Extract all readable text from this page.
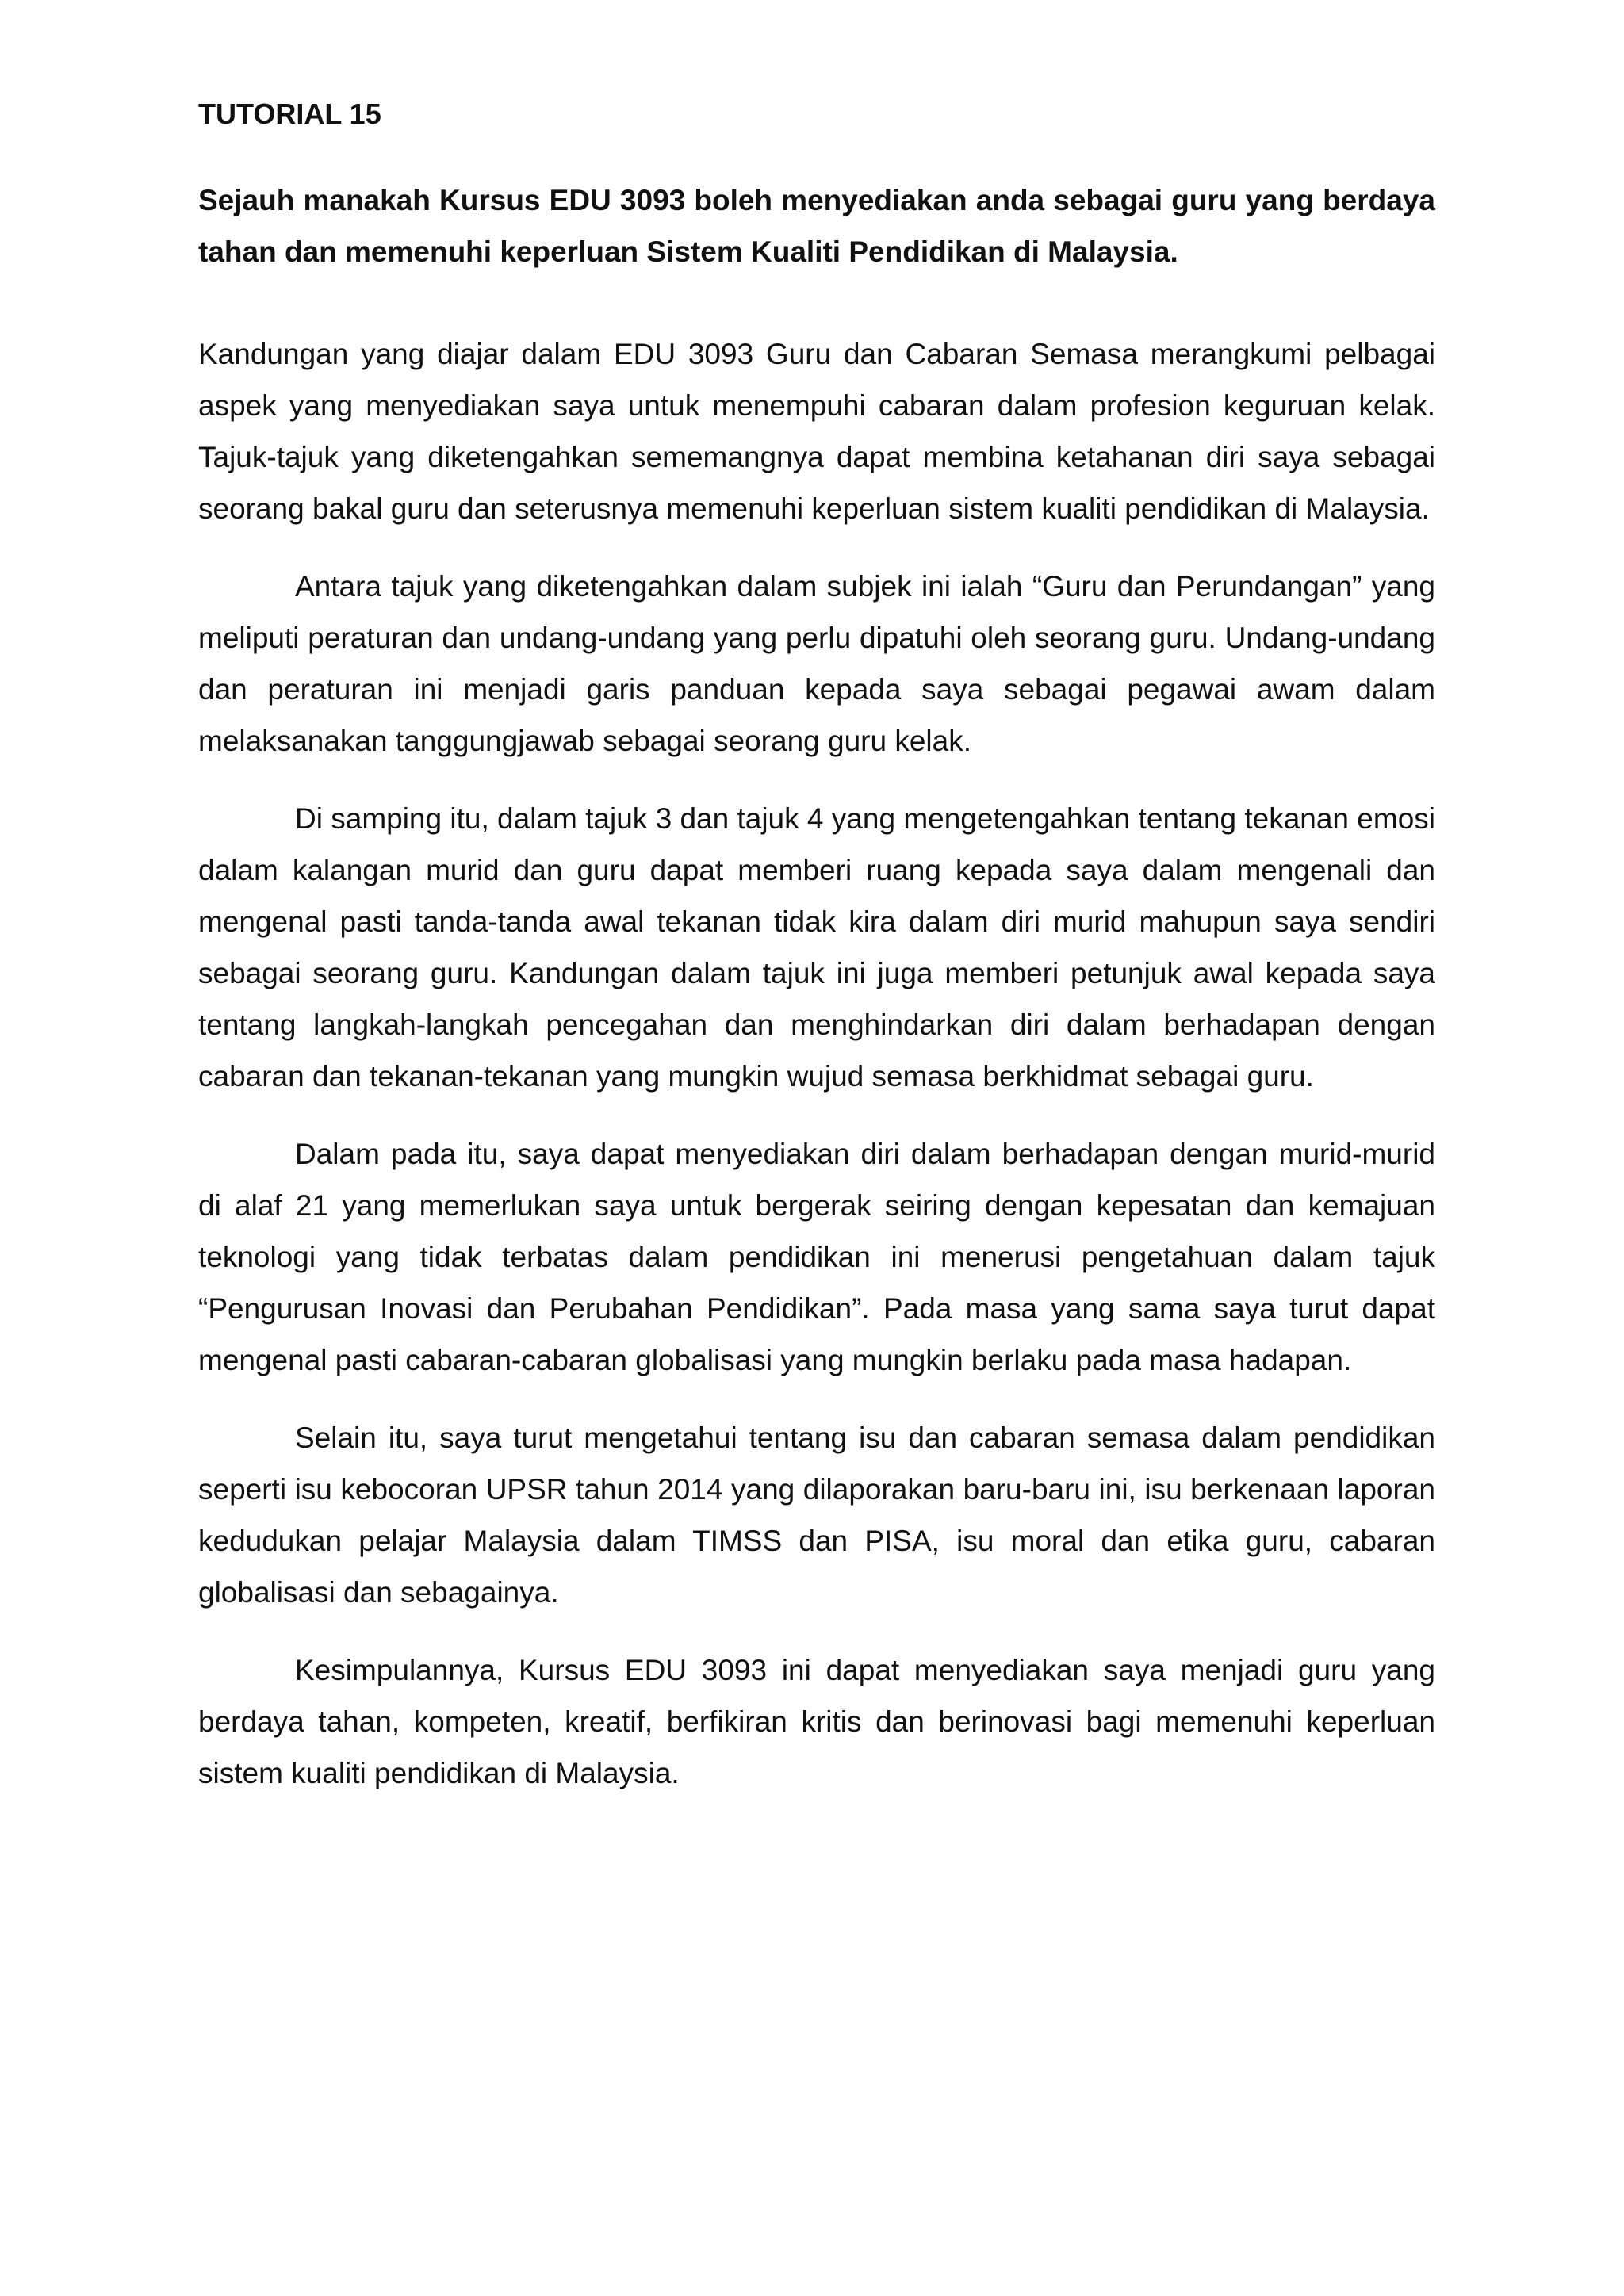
TUTORIAL 15
Sejauh manakah Kursus EDU 3093 boleh menyediakan anda sebagai guru yang berdaya tahan dan memenuhi keperluan Sistem Kualiti Pendidikan di Malaysia.

Kandungan yang diajar dalam EDU 3093 Guru dan Cabaran Semasa merangkumi pelbagai aspek yang menyediakan saya untuk menempuhi cabaran dalam profesion keguruan kelak. Tajuk-tajuk yang diketengahkan sememangnya dapat membina ketahanan diri saya sebagai seorang bakal guru dan seterusnya memenuhi keperluan sistem kualiti pendidikan di Malaysia.

Antara tajuk yang diketengahkan dalam subjek ini ialah “Guru dan Perundangan” yang meliputi peraturan dan undang-undang yang perlu dipatuhi oleh seorang guru. Undang-undang dan peraturan ini menjadi garis panduan kepada saya sebagai pegawai awam dalam melaksanakan tanggungjawab sebagai seorang guru kelak.

Di samping itu, dalam tajuk 3 dan tajuk 4 yang mengetengahkan tentang tekanan emosi dalam kalangan murid dan guru dapat memberi ruang kepada saya dalam mengenali dan mengenal pasti tanda-tanda awal tekanan tidak kira dalam diri murid mahupun saya sendiri sebagai seorang guru. Kandungan dalam tajuk ini juga memberi petunjuk awal kepada saya tentang langkah-langkah pencegahan dan menghindarkan diri dalam berhadapan dengan cabaran dan tekanan-tekanan yang mungkin wujud semasa berkhidmat sebagai guru.

Dalam pada itu, saya dapat menyediakan diri dalam berhadapan dengan murid-murid di alaf 21 yang memerlukan saya untuk bergerak seiring dengan kepesatan dan kemajuan teknologi yang tidak terbatas dalam pendidikan ini menerusi pengetahuan dalam tajuk “Pengurusan Inovasi dan Perubahan Pendidikan”. Pada masa yang sama saya turut dapat mengenal pasti cabaran-cabaran globalisasi yang mungkin berlaku pada masa hadapan.

Selain itu, saya turut mengetahui tentang isu dan cabaran semasa dalam pendidikan seperti isu kebocoran UPSR tahun 2014 yang dilaporakan baru-baru ini, isu berkenaan laporan kedudukan pelajar Malaysia dalam TIMSS dan PISA, isu moral dan etika guru, cabaran globalisasi dan sebagainya.

Kesimpulannya, Kursus EDU 3093 ini dapat menyediakan saya menjadi guru yang berdaya tahan, kompeten, kreatif, berfikiran kritis dan berinovasi bagi memenuhi keperluan sistem kualiti pendidikan di Malaysia.
